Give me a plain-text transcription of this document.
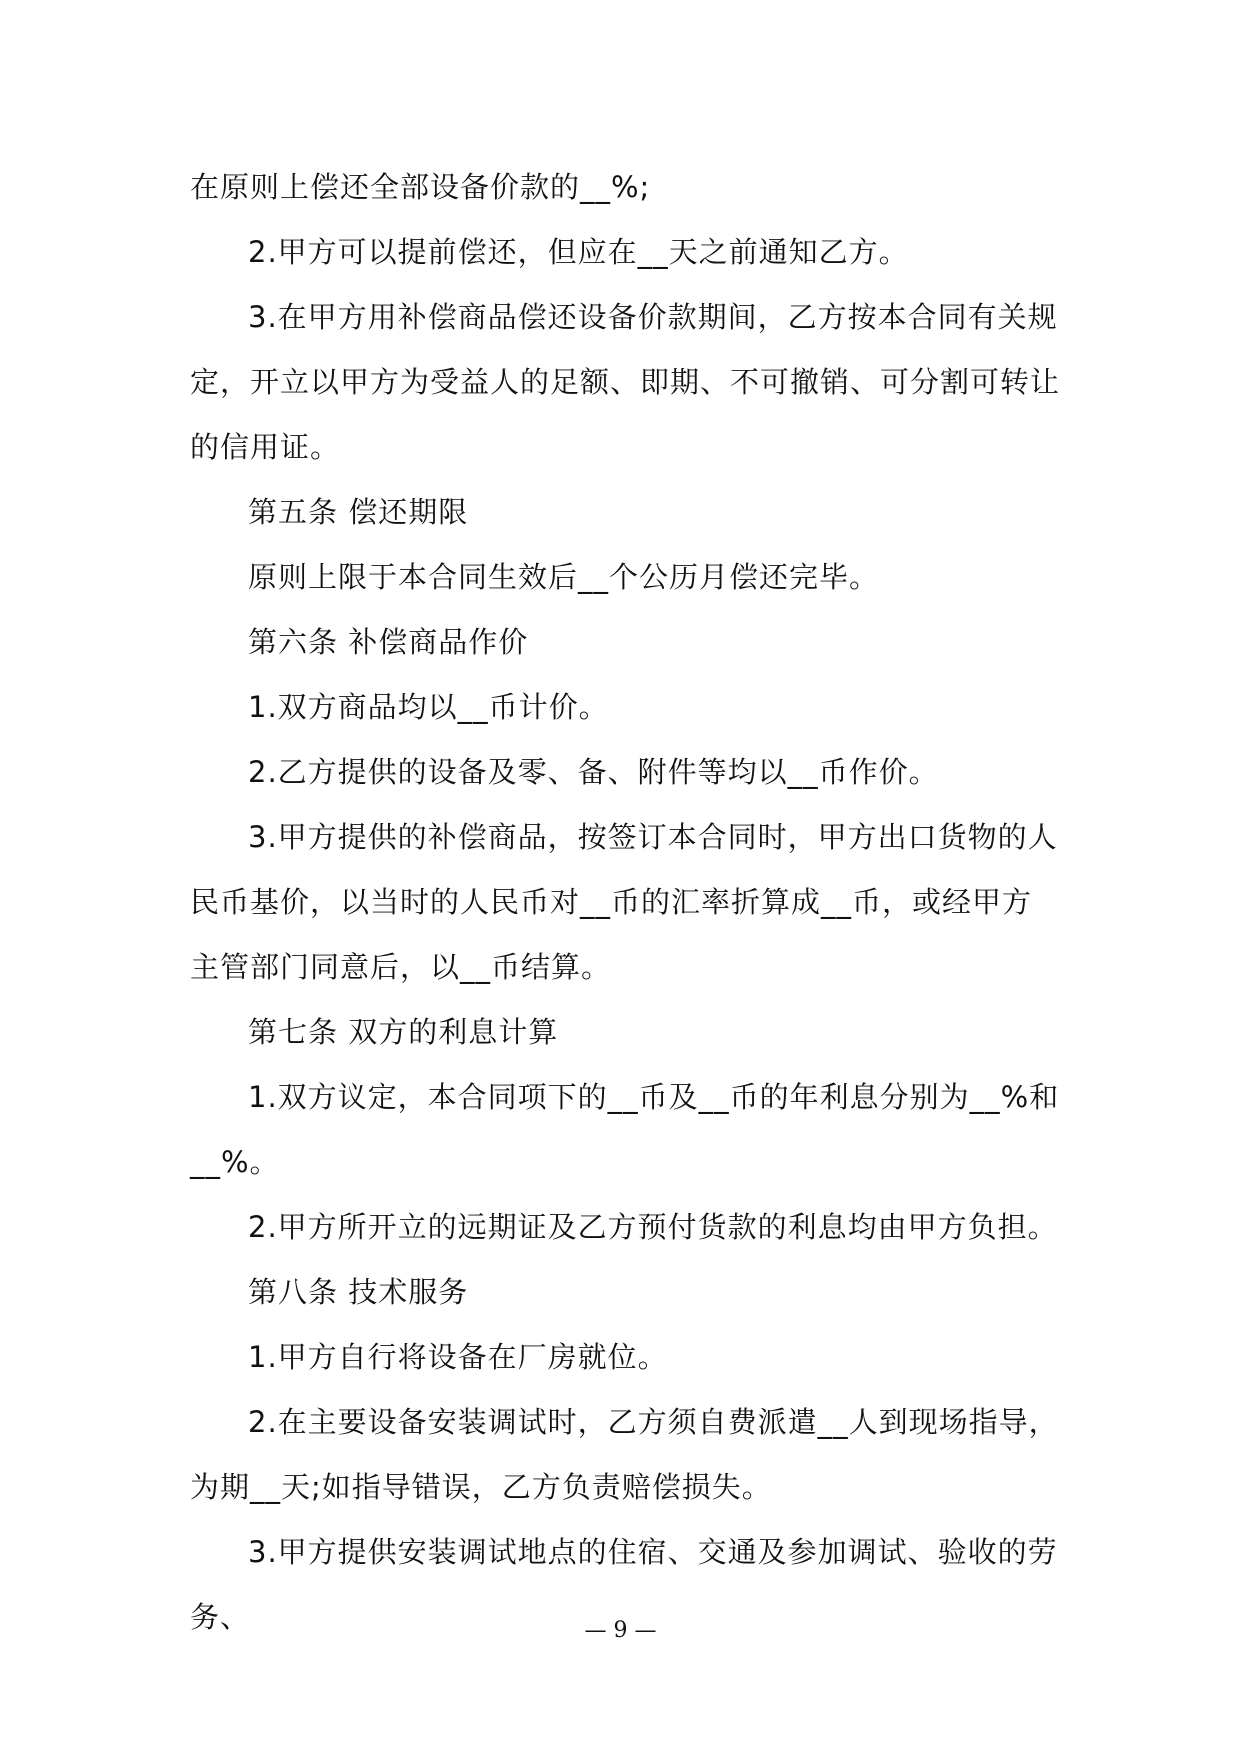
在原则上偿还全部设备价款的__%;

2.甲方可以提前偿还，但应在__天之前通知乙方。

3.在甲方用补偿商品偿还设备价款期间，乙方按本合同有关规定，开立以甲方为受益人的足额、即期、不可撤销、可分割可转让的信用证。

第五条 偿还期限

原则上限于本合同生效后__个公历月偿还完毕。

第六条 补偿商品作价

1.双方商品均以__币计价。

2.乙方提供的设备及零、备、附件等均以__币作价。

3.甲方提供的补偿商品，按签订本合同时，甲方出口货物的人民币基价，以当时的人民币对__币的汇率折算成__币，或经甲方主管部门同意后，以__币结算。

第七条 双方的利息计算

1.双方议定，本合同项下的__币及__币的年利息分别为__%和__%。

2.甲方所开立的远期证及乙方预付货款的利息均由甲方负担。

第八条 技术服务

1.甲方自行将设备在厂房就位。

2.在主要设备安装调试时，乙方须自费派遣__人到现场指导，为期__天;如指导错误，乙方负责赔偿损失。

3.甲方提供安装调试地点的住宿、交通及参加调试、验收的劳务、	— 9 —
